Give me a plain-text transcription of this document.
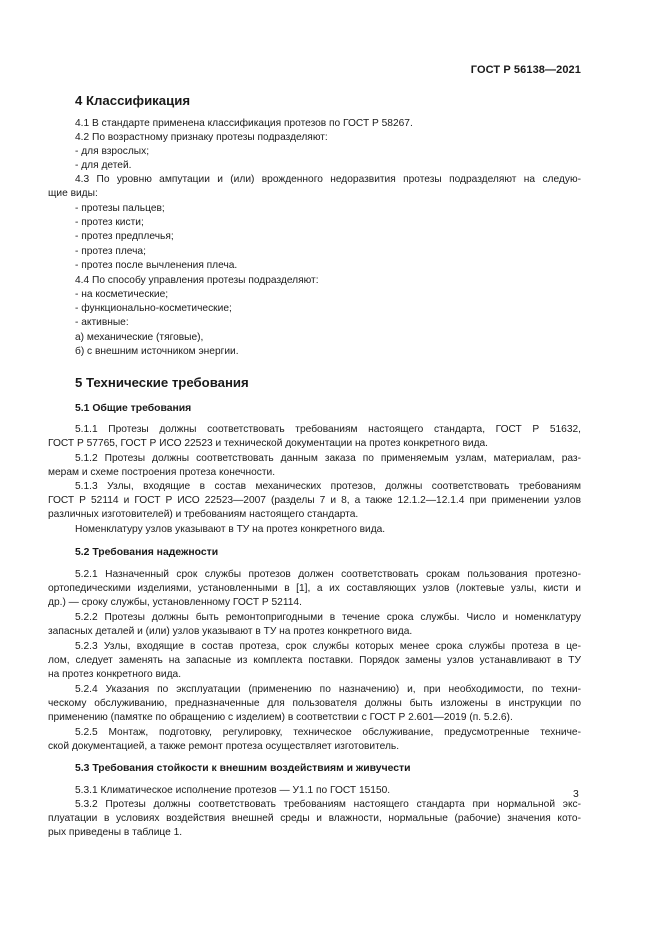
ГОСТ Р 56138—2021
4 Классификация
4.1 В стандарте применена классификация протезов по ГОСТ Р 58267.
4.2 По возрастному признаку протезы подразделяют:
- для взрослых;
- для детей.
4.3 По уровню ампутации и (или) врожденного недоразвития протезы подразделяют на следую-
щие виды:
- протезы пальцев;
- протез кисти;
- протез предплечья;
- протез плеча;
- протез после вычленения плеча.
4.4 По способу управления протезы подразделяют:
- на косметические;
- функционально-косметические;
- активные:
а) механические (тяговые),
б) с внешним источником энергии.
5 Технические требования
5.1 Общие требования
5.1.1 Протезы должны соответствовать требованиям настоящего стандарта, ГОСТ Р 51632,
ГОСТ Р 57765, ГОСТ Р ИСО 22523 и технической документации на протез конкретного вида.
5.1.2 Протезы должны соответствовать данным заказа по применяемым узлам, материалам, раз-
мерам и схеме построения протеза конечности.
5.1.3 Узлы, входящие в состав механических протезов, должны соответствовать требованиям
ГОСТ Р 52114 и ГОСТ Р ИСО 22523—2007 (разделы 7 и 8, а также 12.1.2—12.1.4 при применении узлов
различных изготовителей) и требованиям настоящего стандарта.
Номенклатуру узлов указывают в ТУ на протез конкретного вида.
5.2 Требования надежности
5.2.1 Назначенный срок службы протезов должен соответствовать срокам пользования протезно-
ортопедическими изделиями, установленными в [1], а их составляющих узлов (локтевые узлы, кисти и
др.) — сроку службы, установленному ГОСТ Р 52114.
5.2.2 Протезы должны быть ремонтопригодными в течение срока службы. Число и номенклатуру
запасных деталей и (или) узлов указывают в ТУ на протез конкретного вида.
5.2.3 Узлы, входящие в состав протеза, срок службы которых менее срока службы протеза в це-
лом, следует заменять на запасные из комплекта поставки. Порядок замены узлов устанавливают в ТУ
на протез конкретного вида.
5.2.4 Указания по эксплуатации (применению по назначению) и, при необходимости, по техни-
ческому обслуживанию, предназначенные для пользователя должны быть изложены в инструкции по
применению (памятке по обращению с изделием) в соответствии с ГОСТ Р 2.601—2019 (п. 5.2.6).
5.2.5 Монтаж, подготовку, регулировку, техническое обслуживание, предусмотренные техниче-
ской документацией, а также ремонт протеза осуществляет изготовитель.
5.3 Требования стойкости к внешним воздействиям и живучести
5.3.1 Климатическое исполнение протезов — У1.1 по ГОСТ 15150.
5.3.2 Протезы должны соответствовать требованиям настоящего стандарта при нормальной экс-
плуатации в условиях воздействия внешней среды и влажности, нормальные (рабочие) значения кото-
рых приведены в таблице 1.
3
